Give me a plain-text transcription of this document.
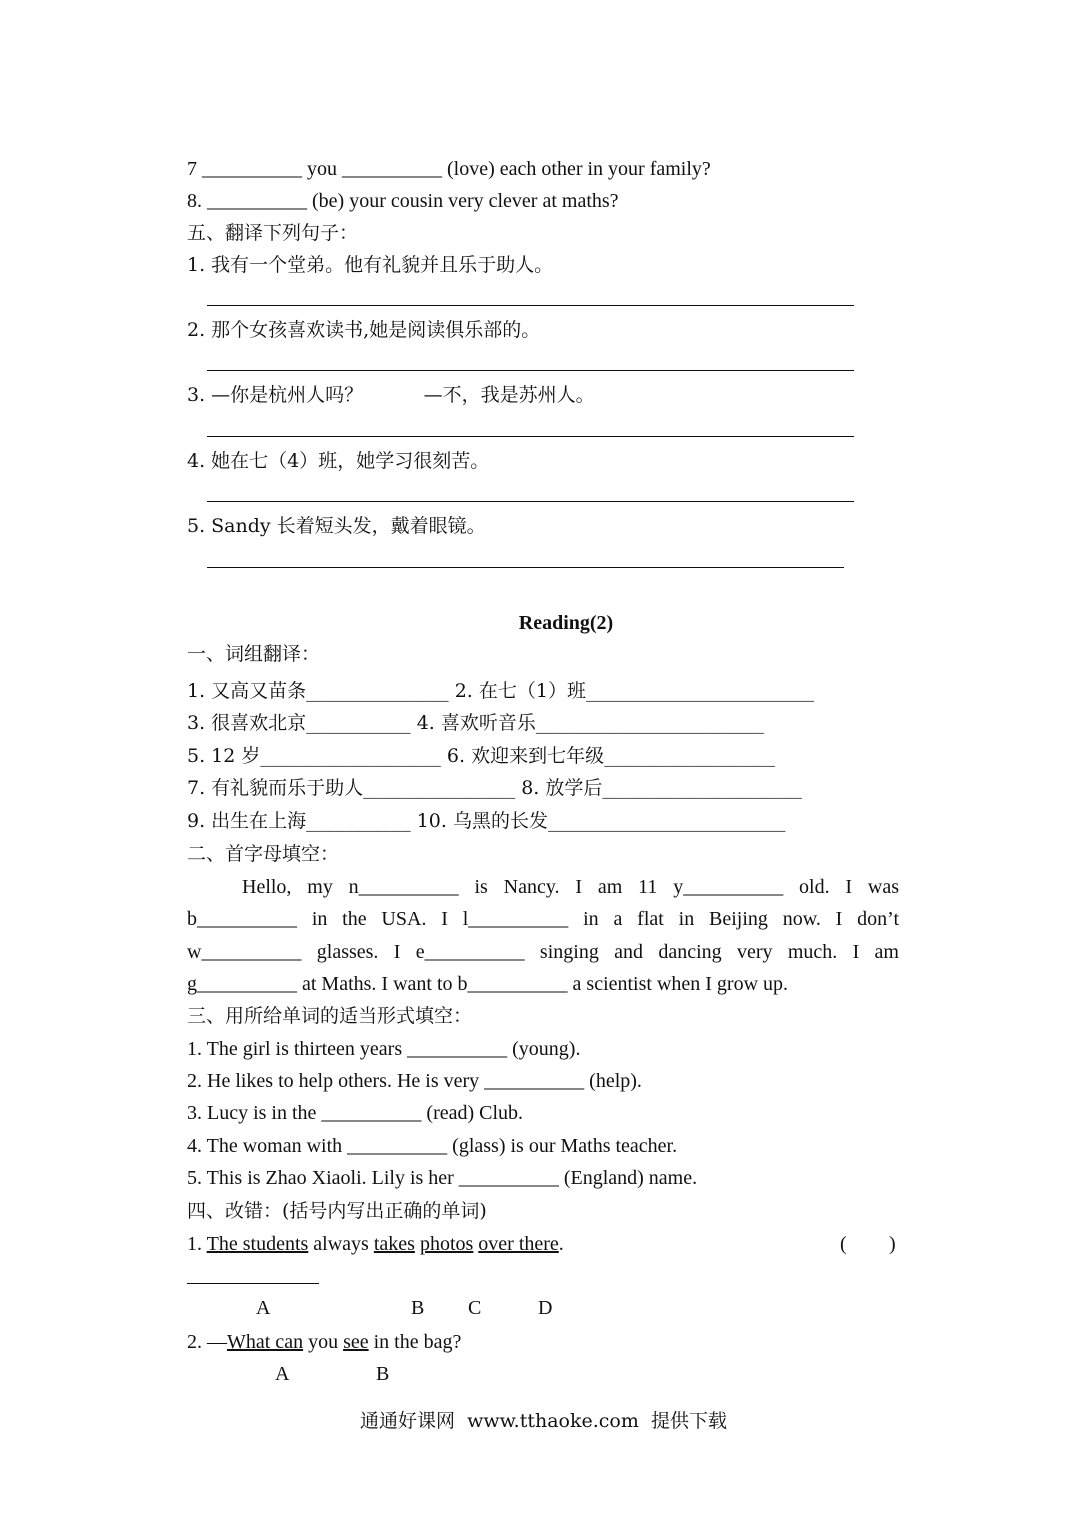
7 __________ you __________ (love) each other in your family?
8. __________ (be) your cousin very clever at maths?
五、翻译下列句子：
1. 我有一个堂弟。他有礼貌并且乐于助人。
2. 那个女孩喜欢读书,她是阅读俱乐部的。
3. —你是杭州人吗？          —不，我是苏州人。
4. 她在七（4）班，她学习很刻苦。
5. Sandy 长着短头发，戴着眼镜。
Reading(2)
一、词组翻译：
1. 又高又苗条_______________ 2. 在七（1）班________________________
3. 很喜欢北京___________ 4. 喜欢听音乐________________________
5. 12 岁___________________ 6. 欢迎来到七年级__________________
7. 有礼貌而乐于助人________________ 8. 放学后_____________________
9. 出生在上海___________ 10. 乌黑的长发_________________________
二、首字母填空：
Hello, my n__________ is Nancy. I am 11 y__________ old. I was
b__________ in the USA. I l__________ in a flat in Beijing now. I don’t
w__________ glasses. I e__________ singing and dancing very much. I am
g__________ at Maths. I want to b__________ a scientist when I grow up.
三、用所给单词的适当形式填空：
1. The girl is thirteen years __________ (young).
2. He likes to help others. He is very __________ (help).
3. Lucy is in the __________ (read) Club.
4. The woman with __________ (glass) is our Maths teacher.
5. This is Zhao Xiaoli. Lily is her __________ (England) name.
四、改错：(括号内写出正确的单词)
1. The students always takes photos over there.	( )
A	B C	D
2. —What can you see in the bag?
A	B
通通好课网  www.tthaoke.com  提供下载
